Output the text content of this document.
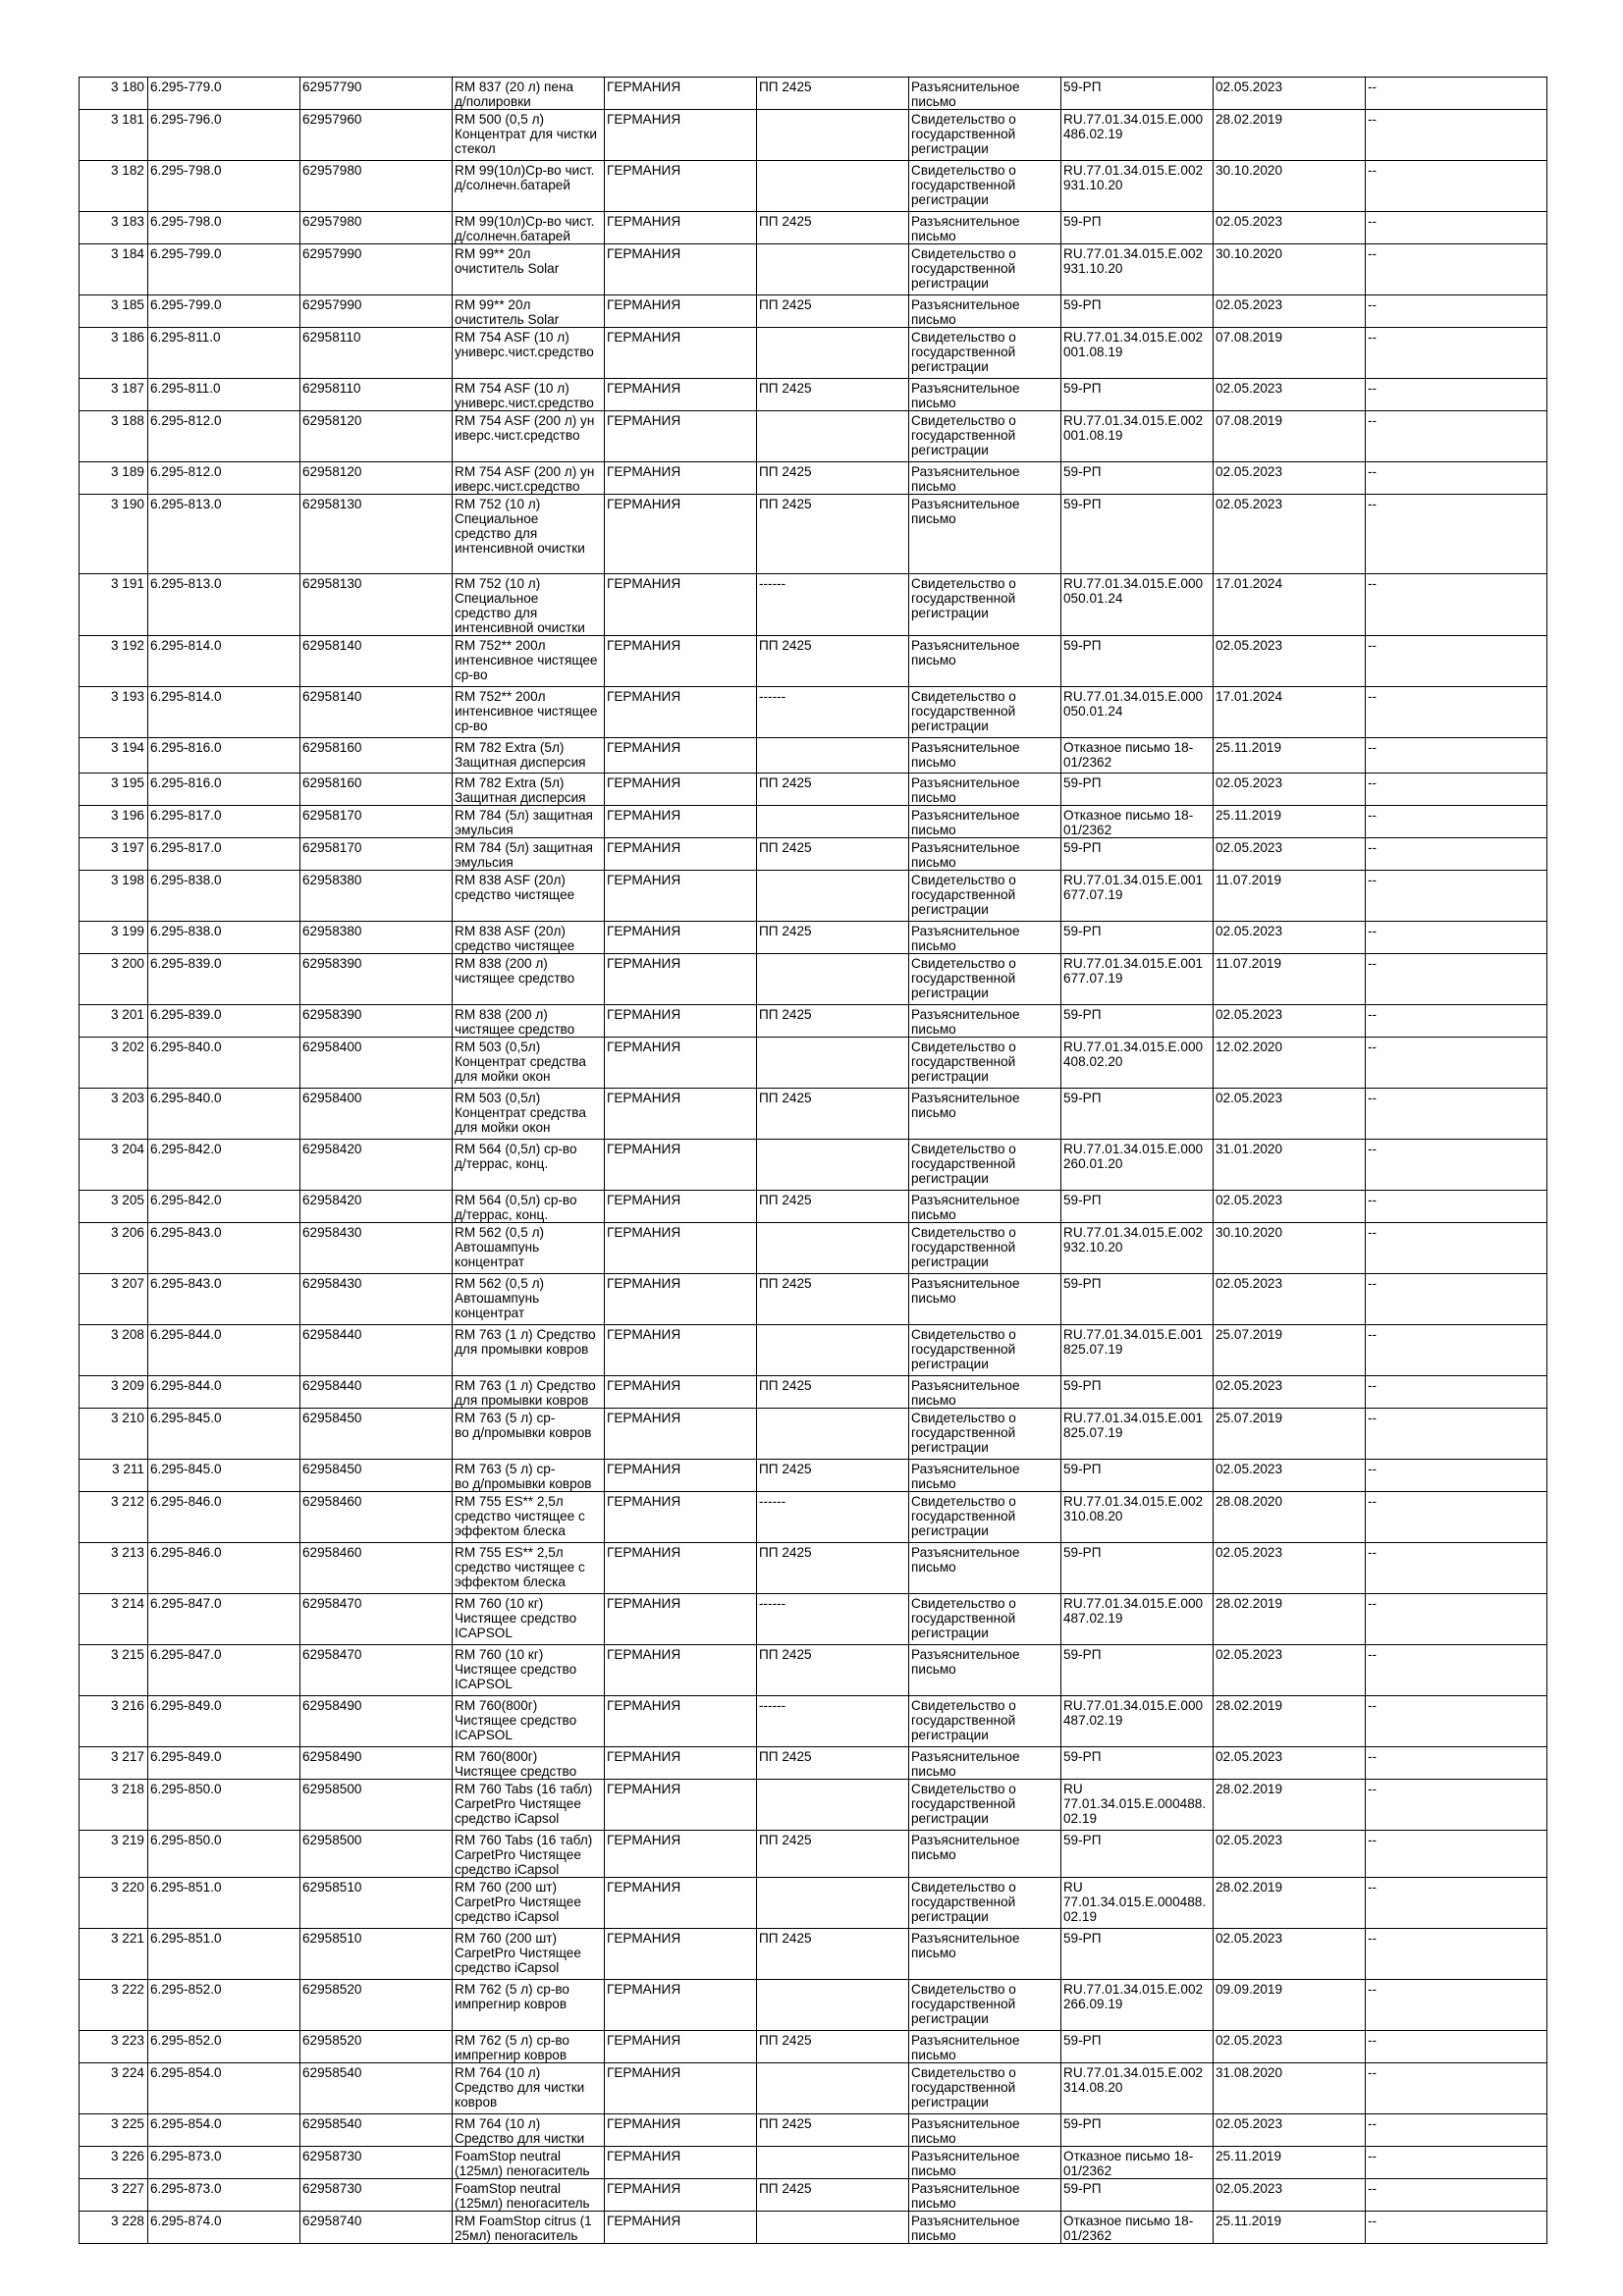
3 180	6.295-779.0	62957790	RM 837 (20 л) пена
д/полировки	ГЕРМАНИЯ	ПП 2425	Разъяснительное
письмо	59-РП	02.05.2023	--
3 181	6.295-796.0	62957960	RM 500 (0,5 л)
Концентрат для чистки
стекол	ГЕРМАНИЯ		Свидетельство о
государственной
регистрации	RU.77.01.34.015.Е.000
486.02.19	28.02.2019	--
3 182	6.295-798.0	62957980	RM 99(10л)Ср-во чист.
д/солнечн.батарей	ГЕРМАНИЯ		Свидетельство о
государственной
регистрации	RU.77.01.34.015.Е.002
931.10.20	30.10.2020	--
3 183	6.295-798.0	62957980	RM 99(10л)Ср-во чист.
д/солнечн.батарей	ГЕРМАНИЯ	ПП 2425	Разъяснительное
письмо	59-РП	02.05.2023	--
3 184	6.295-799.0	62957990	RM 99** 20л
очиститель Solar	ГЕРМАНИЯ		Свидетельство о
государственной
регистрации	RU.77.01.34.015.Е.002
931.10.20	30.10.2020	--
3 185	6.295-799.0	62957990	RM 99** 20л
очиститель Solar	ГЕРМАНИЯ	ПП 2425	Разъяснительное
письмо	59-РП	02.05.2023	--
3 186	6.295-811.0	62958110	RM 754 ASF (10 л)
универс.чист.средство	ГЕРМАНИЯ		Свидетельство о
государственной
регистрации	RU.77.01.34.015.Е.002
001.08.19	07.08.2019	--
3 187	6.295-811.0	62958110	RM 754 ASF (10 л)
универс.чист.средство	ГЕРМАНИЯ	ПП 2425	Разъяснительное
письмо	59-РП	02.05.2023	--
3 188	6.295-812.0	62958120	RM 754 ASF (200 л) ун
иверс.чист.средство	ГЕРМАНИЯ		Свидетельство о
государственной
регистрации	RU.77.01.34.015.Е.002
001.08.19	07.08.2019	--
3 189	6.295-812.0	62958120	RM 754 ASF (200 л) ун
иверс.чист.средство	ГЕРМАНИЯ	ПП 2425	Разъяснительное
письмо	59-РП	02.05.2023	--
3 190	6.295-813.0	62958130	RM 752 (10 л)
Специальное
средство для
интенсивной очистки	ГЕРМАНИЯ	ПП 2425	Разъяснительное
письмо	59-РП	02.05.2023	--
3 191	6.295-813.0	62958130	RM 752 (10 л)
Специальное
средство для
интенсивной очистки	ГЕРМАНИЯ	------	Свидетельство о
государственной
регистрации	RU.77.01.34.015.Е.000
050.01.24	17.01.2024	--
3 192	6.295-814.0	62958140	RM 752** 200л
интенсивное чистящее
ср-во	ГЕРМАНИЯ	ПП 2425	Разъяснительное
письмо	59-РП	02.05.2023	--
3 193	6.295-814.0	62958140	RM 752** 200л
интенсивное чистящее
ср-во	ГЕРМАНИЯ	------	Свидетельство о
государственной
регистрации	RU.77.01.34.015.Е.000
050.01.24	17.01.2024	--
3 194	6.295-816.0	62958160	RM 782 Extra (5л)
Защитная дисперсия	ГЕРМАНИЯ		Разъяснительное
письмо	Отказное письмо 18-
01/2362	25.11.2019	--
3 195	6.295-816.0	62958160	RM 782 Extra (5л)
Защитная дисперсия	ГЕРМАНИЯ	ПП 2425	Разъяснительное
письмо	59-РП	02.05.2023	--
3 196	6.295-817.0	62958170	RM 784 (5л) защитная
эмульсия	ГЕРМАНИЯ		Разъяснительное
письмо	Отказное письмо 18-
01/2362	25.11.2019	--
3 197	6.295-817.0	62958170	RM 784 (5л) защитная
эмульсия	ГЕРМАНИЯ	ПП 2425	Разъяснительное
письмо	59-РП	02.05.2023	--
3 198	6.295-838.0	62958380	RM 838 ASF (20л)
средство чистящее	ГЕРМАНИЯ		Свидетельство о
государственной
регистрации	RU.77.01.34.015.Е.001
677.07.19	11.07.2019	--
3 199	6.295-838.0	62958380	RM 838 ASF (20л)
средство чистящее	ГЕРМАНИЯ	ПП 2425	Разъяснительное
письмо	59-РП	02.05.2023	--
3 200	6.295-839.0	62958390	RM 838 (200 л)
чистящее средство	ГЕРМАНИЯ		Свидетельство о
государственной
регистрации	RU.77.01.34.015.Е.001
677.07.19	11.07.2019	--
3 201	6.295-839.0	62958390	RM 838 (200 л)
чистящее средство	ГЕРМАНИЯ	ПП 2425	Разъяснительное
письмо	59-РП	02.05.2023	--
3 202	6.295-840.0	62958400	RM 503 (0,5л)
Концентрат средства
для мойки окон	ГЕРМАНИЯ		Свидетельство о
государственной
регистрации	RU.77.01.34.015.Е.000
408.02.20	12.02.2020	--
3 203	6.295-840.0	62958400	RM 503 (0,5л)
Концентрат средства
для мойки окон	ГЕРМАНИЯ	ПП 2425	Разъяснительное
письмо	59-РП	02.05.2023	--
3 204	6.295-842.0	62958420	RM 564 (0,5л) ср-во
д/террас, конц.	ГЕРМАНИЯ		Свидетельство о
государственной
регистрации	RU.77.01.34.015.Е.000
260.01.20	31.01.2020	--
3 205	6.295-842.0	62958420	RM 564 (0,5л) ср-во
д/террас, конц.	ГЕРМАНИЯ	ПП 2425	Разъяснительное
письмо	59-РП	02.05.2023	--
3 206	6.295-843.0	62958430	RM 562 (0,5 л)
Автошампунь
концентрат	ГЕРМАНИЯ		Свидетельство о
государственной
регистрации	RU.77.01.34.015.Е.002
932.10.20	30.10.2020	--
3 207	6.295-843.0	62958430	RM 562 (0,5 л)
Автошампунь
концентрат	ГЕРМАНИЯ	ПП 2425	Разъяснительное
письмо	59-РП	02.05.2023	--
3 208	6.295-844.0	62958440	RM 763 (1 л) Средство
для промывки ковров	ГЕРМАНИЯ		Свидетельство о
государственной
регистрации	RU.77.01.34.015.Е.001
825.07.19	25.07.2019	--
3 209	6.295-844.0	62958440	RM 763 (1 л) Средство
для промывки ковров	ГЕРМАНИЯ	ПП 2425	Разъяснительное
письмо	59-РП	02.05.2023	--
3 210	6.295-845.0	62958450	RM 763 (5 л) ср-
во д/промывки ковров	ГЕРМАНИЯ		Свидетельство о
государственной
регистрации	RU.77.01.34.015.Е.001
825.07.19	25.07.2019	--
3 211	6.295-845.0	62958450	RM 763 (5 л) ср-
во д/промывки ковров	ГЕРМАНИЯ	ПП 2425	Разъяснительное
письмо	59-РП	02.05.2023	--
3 212	6.295-846.0	62958460	RM 755 ES** 2,5л
средство чистящее с
эффектом блеска	ГЕРМАНИЯ	------	Свидетельство о
государственной
регистрации	RU.77.01.34.015.Е.002
310.08.20	28.08.2020	--
3 213	6.295-846.0	62958460	RM 755 ES** 2,5л
средство чистящее с
эффектом блеска	ГЕРМАНИЯ	ПП 2425	Разъяснительное
письмо	59-РП	02.05.2023	--
3 214	6.295-847.0	62958470	RM 760 (10 кг)
Чистящее средство
ICAPSOL	ГЕРМАНИЯ	------	Свидетельство о
государственной
регистрации	RU.77.01.34.015.Е.000
487.02.19	28.02.2019	--
3 215	6.295-847.0	62958470	RM 760 (10 кг)
Чистящее средство
ICAPSOL	ГЕРМАНИЯ	ПП 2425	Разъяснительное
письмо	59-РП	02.05.2023	--
3 216	6.295-849.0	62958490	RM 760(800г)
Чистящее средство
ICAPSOL	ГЕРМАНИЯ	------	Свидетельство о
государственной
регистрации	RU.77.01.34.015.Е.000
487.02.19	28.02.2019	--
3 217	6.295-849.0	62958490	RM 760(800г)
Чистящее средство	ГЕРМАНИЯ	ПП 2425	Разъяснительное
письмо	59-РП	02.05.2023	--
3 218	6.295-850.0	62958500	RM 760 Tabs (16 табл)
CarpetPro Чистящее
средство iCapsol	ГЕРМАНИЯ		Свидетельство о
государственной
регистрации	RU
77.01.34.015.Е.000488.
02.19	28.02.2019	--
3 219	6.295-850.0	62958500	RM 760 Tabs (16 табл)
CarpetPro Чистящее
средство iCapsol	ГЕРМАНИЯ	ПП 2425	Разъяснительное
письмо	59-РП	02.05.2023	--
3 220	6.295-851.0	62958510	RM 760 (200 шт)
CarpetPro Чистящее
средство iCapsol	ГЕРМАНИЯ		Свидетельство о
государственной
регистрации	RU
77.01.34.015.Е.000488.
02.19	28.02.2019	--
3 221	6.295-851.0	62958510	RM 760 (200 шт)
CarpetPro Чистящее
средство iCapsol	ГЕРМАНИЯ	ПП 2425	Разъяснительное
письмо	59-РП	02.05.2023	--
3 222	6.295-852.0	62958520	RM 762 (5 л) ср-во
импрегнир ковров	ГЕРМАНИЯ		Свидетельство о
государственной
регистрации	RU.77.01.34.015.Е.002
266.09.19	09.09.2019	--
3 223	6.295-852.0	62958520	RM 762 (5 л) ср-во
импрегнир ковров	ГЕРМАНИЯ	ПП 2425	Разъяснительное
письмо	59-РП	02.05.2023	--
3 224	6.295-854.0	62958540	RM 764 (10 л)
Средство для чистки
ковров	ГЕРМАНИЯ		Свидетельство о
государственной
регистрации	RU.77.01.34.015.Е.002
314.08.20	31.08.2020	--
3 225	6.295-854.0	62958540	RM 764 (10 л)
Средство для чистки	ГЕРМАНИЯ	ПП 2425	Разъяснительное
письмо	59-РП	02.05.2023	--
3 226	6.295-873.0	62958730	FoamStop neutral
(125мл) пеногаситель	ГЕРМАНИЯ		Разъяснительное
письмо	Отказное письмо 18-
01/2362	25.11.2019	--
3 227	6.295-873.0	62958730	FoamStop neutral
(125мл) пеногаситель	ГЕРМАНИЯ	ПП 2425	Разъяснительное
письмо	59-РП	02.05.2023	--
3 228	6.295-874.0	62958740	RM FoamStop citrus (1
25мл) пеногаситель	ГЕРМАНИЯ		Разъяснительное
письмо	Отказное письмо 18-
01/2362	25.11.2019	--
